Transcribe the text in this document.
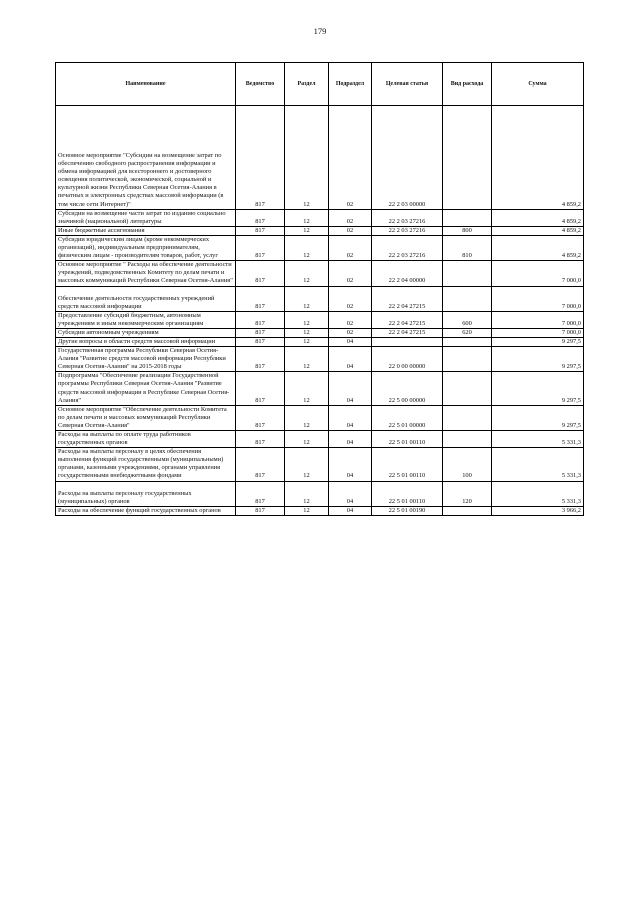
179
Наименование	Ведомство	Раздел	Подраздел	Целевая статья	Вид расхода	Сумма

Основное мероприятие "Субсидии на возмещение затрат по обеспечению свободного распространения информации и обмена информацией для всестороннего и достоверного освещения политической, экономической, социальной и культурной жизни Республики Северная Осетия-Алания в печатных и электронных средствах массовой информации (в том числе сети Интернет)"	817	12	02	22 2 03 00000		4 859,2
Субсидии на возмещение части затрат по изданию социально значимой (национальной) литературы	817	12	02	22 2 03 27216		4 859,2
Иные бюджетные ассигнования	817	12	02	22 2 03 27216	800	4 859,2
Субсидии юридическим лицам (кроме некоммерческих организаций), индивидуальным предпринимателям, физическим лицам - производителям товаров, работ, услуг	817	12	02	22 2 03 27216	810	4 859,2
Основное мероприятие " Расходы на обеспечение деятельности учреждений, подведомственных Комитету по делам печати и массовых коммуникаций Республики Северная Осетия-Алания"	817	12	02	22 2 04 00000		7 000,0

Обеспечение деятельности государственных учреждений средств массовой информации	817	12	02	22 2 04 27215		7 000,0
Предоставление субсидий бюджетным, автономным учреждениям и иным некоммерческим организациям	817	12	02	22 2 04 27215	600	7 000,0
Субсидии автономным учреждениям	817	12	02	22 2 04 27215	620	7 000,0
Другие вопросы в области средств массовой информации	817	12	04			9 297,5
Государственная программа Республики Северная Осетия-Алания "Развитие средств массовой информации Республики Северная Осетия-Алания" на 2015-2018 годы	817	12	04	22 0 00 00000		9 297,5
Подпрограмма "Обеспечение реализации Государственной программы Республики Северная Осетия-Алания "Развитие средств массовой информации в Республике Северная Осетия-Алания"	817	12	04	22 5 00 00000		9 297,5
Основное мероприятие "Обеспечение деятельности Комитета по делам печати и массовых коммуникаций Республики Северная Осетия-Алания"	817	12	04	22 5 01 00000		9 297,5
Расходы на выплаты по оплате труда работников государственных органов	817	12	04	22 5 01 00110		5 331,3
Расходы на выплаты персоналу в целях обеспечения выполнения функций государственными (муниципальными) органами, казенными учреждениями, органами управления государственными внебюджетными фондами	817	12	04	22 5 01 00110	100	5 331,3

Расходы на выплаты персоналу государственных (муниципальных) органов	817	12	04	22 5 01 00110	120	5 331,3
Расходы на обеспечение функций государственных органов	817	12	04	22 5 01 00190		3 966,2
